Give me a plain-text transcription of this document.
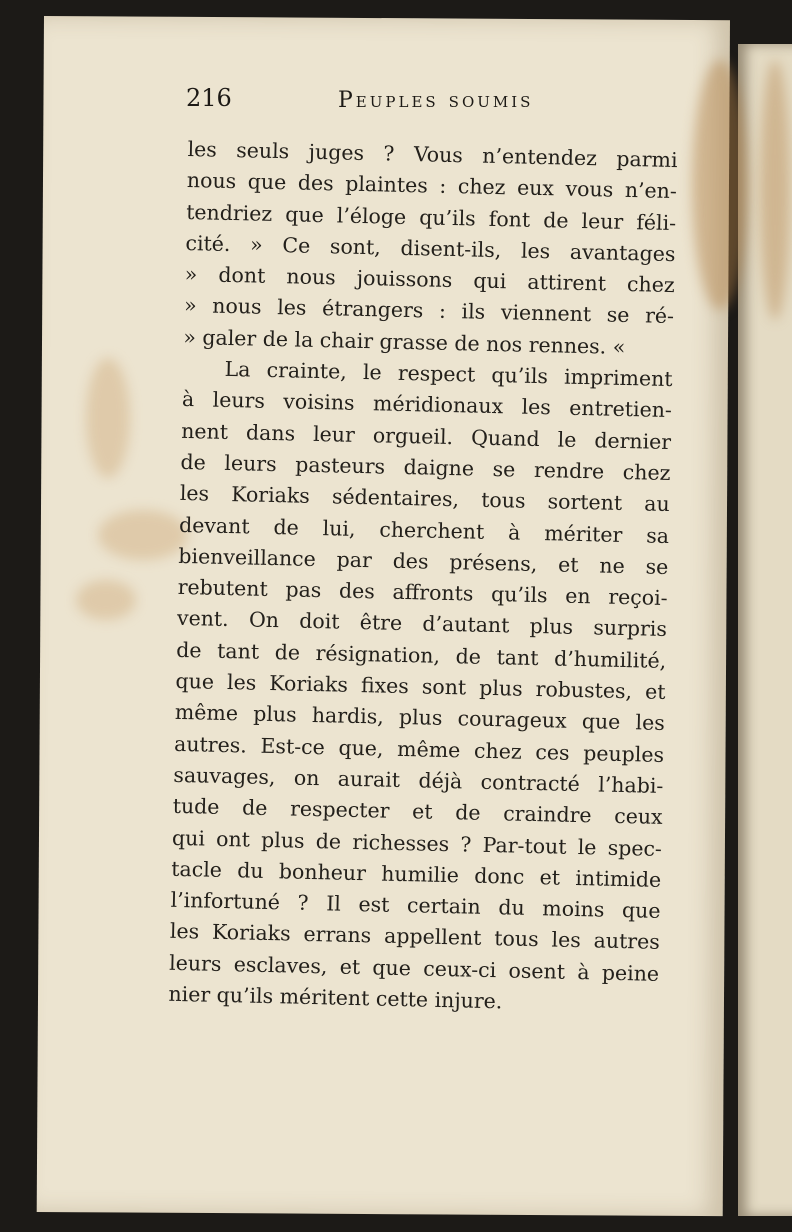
216	Peuples soumis
les seuls juges ? Vous n’entendez parmi
nous que des plaintes : chez eux vous n’en-
tendriez que l’éloge qu’ils font de leur féli-
cité. » Ce sont, disent-ils, les avantages
» dont nous jouissons qui attirent chez
» nous les étrangers : ils viennent se ré-
» galer de la chair grasse de nos rennes. «
La crainte, le respect qu’ils impriment
à leurs voisins méridionaux les entretien-
nent dans leur orgueil. Quand le dernier
de leurs pasteurs daigne se rendre chez
les Koriaks sédentaires, tous sortent au
devant de lui, cherchent à mériter sa
bienveillance par des présens, et ne se
rebutent pas des affronts qu’ils en reçoi-
vent. On doit être d’autant plus surpris
de tant de résignation, de tant d’humilité,
que les Koriaks fixes sont plus robustes, et
même plus hardis, plus courageux que les
autres. Est-ce que, même chez ces peuples
sauvages, on aurait déjà contracté l’habi-
tude de respecter et de craindre ceux
qui ont plus de richesses ? Par-tout le spec-
tacle du bonheur humilie donc et intimide
l’infortuné ? Il est certain du moins que
les Koriaks errans appellent tous les autres
leurs esclaves, et que ceux-ci osent à peine
nier qu’ils méritent cette injure.
